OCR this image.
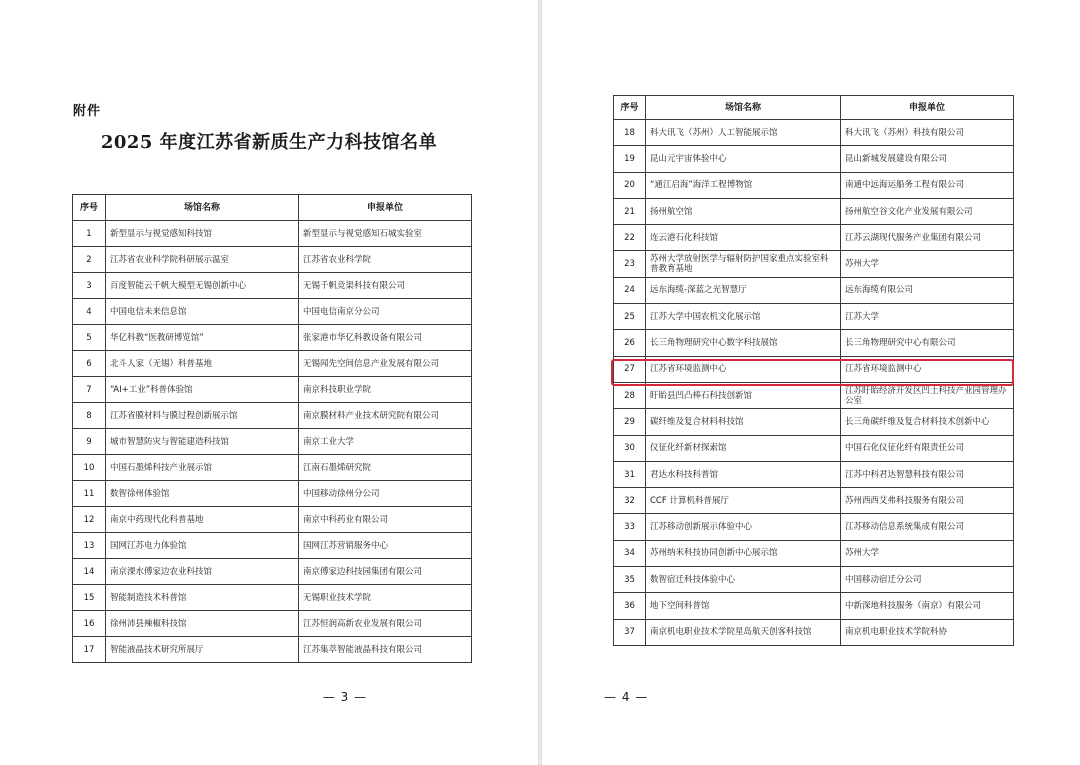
附件
2025 年度江苏省新质生产力科技馆名单
序号	场馆名称	申报单位
1	新型显示与视觉感知科技馆	新型显示与视觉感知石城实验室
2	江苏省农业科学院科研展示温室	江苏省农业科学院
3	百度智能云千帆大模型无锡创新中心	无锡千帆竞渠科技有限公司
4	中国电信未来信息馆	中国电信南京分公司
5	华亿科教“医教研博览馆”	张家港市华亿科教设备有限公司
6	北斗人家（无锡）科普基地	无锡闻先空间信息产业发展有限公司
7	“AI+工业”科普体验馆	南京科技职业学院
8	江苏省膜材料与膜过程创新展示馆	南京膜材料产业技术研究院有限公司
9	城市智慧防灾与智能建造科技馆	南京工业大学
10	中国石墨烯科技产业展示馆	江南石墨烯研究院
11	数智徐州体验馆	中国移动徐州分公司
12	南京中药现代化科普基地	南京中科药业有限公司
13	国网江苏电力体验馆	国网江苏营销服务中心
14	南京溧水傅家边农业科技馆	南京傅家边科技园集团有限公司
15	智能制造技术科普馆	无锡职业技术学院
16	徐州沛县辣椒科技馆	江苏恒润高新农业发展有限公司
17	智能液晶技术研究所展厅	江苏集萃智能液晶科技有限公司
— 3 —
序号	场馆名称	申报单位
18	科大讯飞（苏州）人工智能展示馆	科大讯飞（苏州）科技有限公司
19	昆山元宇宙体验中心	昆山新城发展建设有限公司
20	“通江启海”海洋工程博物馆	南通中远海运船务工程有限公司
21	扬州航空馆	扬州航空谷文化产业发展有限公司
22	连云港石化科技馆	江苏云湖现代服务产业集团有限公司
23	苏州大学放射医学与辐射防护国家重点实验室科普教育基地	苏州大学
24	远东海缆-深蓝之光智慧厅	远东海缆有限公司
25	江苏大学中国农机文化展示馆	江苏大学
26	长三角物理研究中心数字科技展馆	长三角物理研究中心有限公司
27	江苏省环境监测中心	江苏省环境监测中心
28	盱眙县凹凸棒石科技创新馆	江苏盱眙经济开发区凹土科技产业园管理办公室
29	碳纤维及复合材料科技馆	长三角碳纤维及复合材料技术创新中心
30	仪征化纤新材探索馆	中国石化仪征化纤有限责任公司
31	君达水科技科普馆	江苏中科君达智慧科技有限公司
32	CCF 计算机科普展厅	苏州西西艾弗科技服务有限公司
33	江苏移动创新展示体验中心	江苏移动信息系统集成有限公司
34	苏州纳米科技协同创新中心展示馆	苏州大学
35	数智宿迁科技体验中心	中国移动宿迁分公司
36	地下空间科普馆	中新深地科技服务（南京）有限公司
37	南京机电职业技术学院星岛航天创客科技馆	南京机电职业技术学院科协
— 4 —
